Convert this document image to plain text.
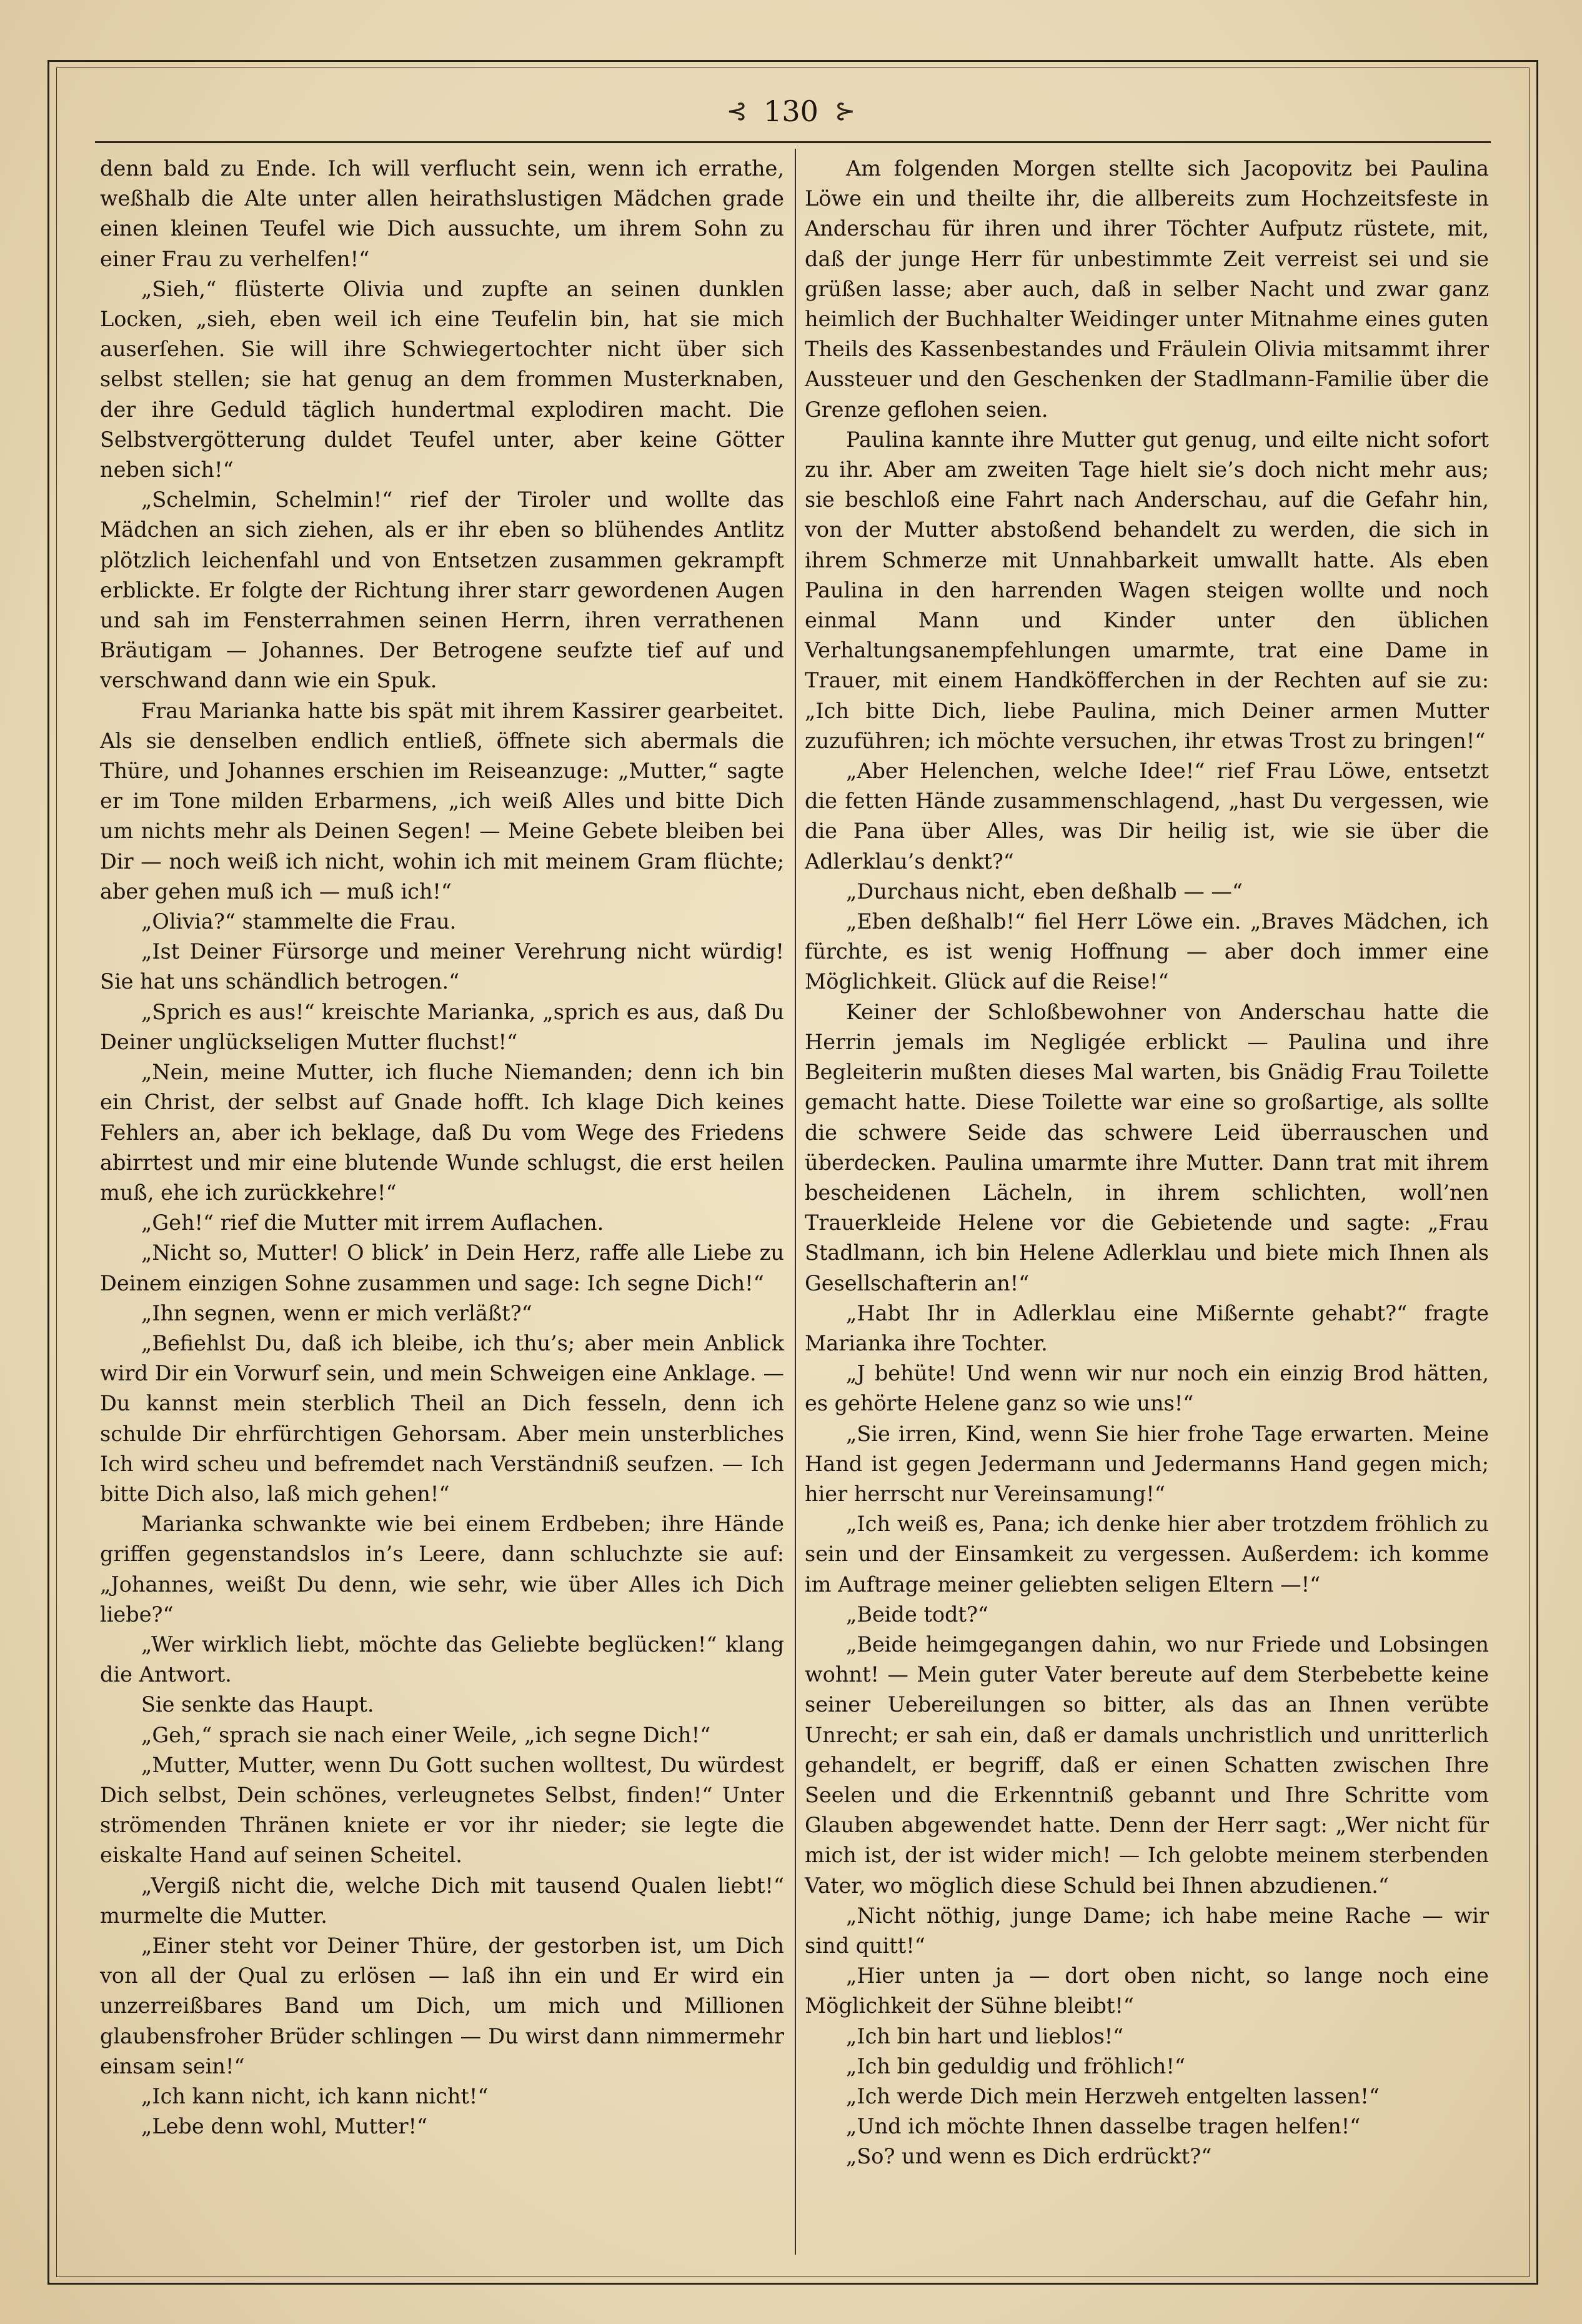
⊰ 130 ⊱

denn bald zu Ende. Ich will verflucht sein, wenn ich errathe, weßhalb die Alte unter allen heirathslustigen Mädchen grade einen kleinen Teufel wie Dich aussuchte, um ihrem Sohn zu einer Frau zu verhelfen!“

„Sieh,“ flüsterte Olivia und zupfte an seinen dunklen Locken, „sieh, eben weil ich eine Teufelin bin, hat sie mich auserſehen. Sie will ihre Schwiegertochter nicht über sich selbst stellen; sie hat genug an dem frommen Musterknaben, der ihre Geduld täglich hundertmal explodiren macht. Die Selbstvergötterung duldet Teufel unter, aber keine Götter neben sich!“

„Schelmin, Schelmin!“ rief der Tiroler und wollte das Mädchen an sich ziehen, als er ihr eben so blühendes Antlitz plötzlich leichenfahl und von Entsetzen zusammen gekrampft erblickte. Er folgte der Richtung ihrer starr gewordenen Augen und sah im Fensterrahmen seinen Herrn, ihren verrathenen Bräutigam — Johannes. Der Betrogene seufzte tief auf und verschwand dann wie ein Spuk.

Frau Marianka hatte bis spät mit ihrem Kassirer gearbeitet. Als sie denselben endlich entließ, öffnete sich abermals die Thüre, und Johannes erschien im Reiseanzuge: „Mutter,“ sagte er im Tone milden Erbarmens, „ich weiß Alles und bitte Dich um nichts mehr als Deinen Segen! — Meine Gebete bleiben bei Dir — noch weiß ich nicht, wohin ich mit meinem Gram flüchte; aber gehen muß ich — muß ich!“

„Olivia?“ stammelte die Frau.

„Ist Deiner Fürsorge und meiner Verehrung nicht würdig! Sie hat uns schändlich betrogen.“

„Sprich es aus!“ kreischte Marianka, „sprich es aus, daß Du Deiner unglückseligen Mutter fluchst!“

„Nein, meine Mutter, ich fluche Niemanden; denn ich bin ein Christ, der selbst auf Gnade hofft. Ich klage Dich keines Fehlers an, aber ich beklage, daß Du vom Wege des Friedens abirrtest und mir eine blutende Wunde schlugst, die erst heilen muß, ehe ich zurückkehre!“

„Geh!“ rief die Mutter mit irrem Auflachen.

„Nicht so, Mutter! O blick’ in Dein Herz, raffe alle Liebe zu Deinem einzigen Sohne zusammen und sage: Ich segne Dich!“

„Ihn segnen, wenn er mich verläßt?“

„Befiehlst Du, daß ich bleibe, ich thu’s; aber mein Anblick wird Dir ein Vorwurf sein, und mein Schweigen eine Anklage. — Du kannst mein sterblich Theil an Dich fesseln, denn ich schulde Dir ehrfürchtigen Gehorsam. Aber mein unsterbliches Ich wird scheu und befremdet nach Verständniß seufzen. — Ich bitte Dich also, laß mich gehen!“

Marianka schwankte wie bei einem Erdbeben; ihre Hände griffen gegenstandslos in’s Leere, dann schluchzte sie auf: „Johannes, weißt Du denn, wie sehr, wie über Alles ich Dich liebe?“

„Wer wirklich liebt, möchte das Geliebte beglücken!“ klang die Antwort.

Sie senkte das Haupt.

„Geh,“ sprach sie nach einer Weile, „ich segne Dich!“

„Mutter, Mutter, wenn Du Gott suchen wolltest, Du würdest Dich selbst, Dein schönes, verleugnetes Selbst, finden!“ Unter strömenden Thränen kniete er vor ihr nieder; sie legte die eiskalte Hand auf seinen Scheitel.

„Vergiß nicht die, welche Dich mit tausend Qualen liebt!“ murmelte die Mutter.

„Einer steht vor Deiner Thüre, der gestorben ist, um Dich von all der Qual zu erlösen — laß ihn ein und Er wird ein unzerreißbares Band um Dich, um mich und Millionen glaubensfroher Brüder schlingen — Du wirst dann nimmermehr einsam sein!“

„Ich kann nicht, ich kann nicht!“

„Lebe denn wohl, Mutter!“

Am folgenden Morgen stellte sich Jacopovitz bei Paulina Löwe ein und theilte ihr, die allbereits zum Hochzeitsfeste in Anderschau für ihren und ihrer Töchter Aufputz rüstete, mit, daß der junge Herr für unbestimmte Zeit verreist sei und sie grüßen lasse; aber auch, daß in selber Nacht und zwar ganz heimlich der Buchhalter Weidinger unter Mitnahme eines guten Theils des Kassenbestandes und Fräulein Olivia mitsammt ihrer Aussteuer und den Geschenken der Stadlmann-Familie über die Grenze geflohen seien.

Paulina kannte ihre Mutter gut genug, und eilte nicht sofort zu ihr. Aber am zweiten Tage hielt sie’s doch nicht mehr aus; sie beschloß eine Fahrt nach Anderschau, auf die Gefahr hin, von der Mutter abstoßend behandelt zu werden, die sich in ihrem Schmerze mit Unnahbarkeit umwallt hatte. Als eben Paulina in den harrenden Wagen steigen wollte und noch einmal Mann und Kinder unter den üblichen Verhaltungsanempfehlungen umarmte, trat eine Dame in Trauer, mit einem Handköfferchen in der Rechten auf sie zu: „Ich bitte Dich, liebe Paulina, mich Deiner armen Mutter zuzuführen; ich möchte versuchen, ihr etwas Trost zu bringen!“

„Aber Helenchen, welche Idee!“ rief Frau Löwe, entsetzt die fetten Hände zusammenschlagend, „hast Du vergessen, wie die Pana über Alles, was Dir heilig ist, wie sie über die Adlerklau’s denkt?“

„Durchaus nicht, eben deßhalb — —“

„Eben deßhalb!“ fiel Herr Löwe ein. „Braves Mädchen, ich fürchte, es ist wenig Hoffnung — aber doch immer eine Möglichkeit. Glück auf die Reise!“

Keiner der Schloßbewohner von Anderschau hatte die Herrin jemals im Negligée erblickt — Paulina und ihre Begleiterin mußten dieses Mal warten, bis Gnädig Frau Toilette gemacht hatte. Diese Toilette war eine so großartige, als sollte die schwere Seide das schwere Leid überrauschen und überdecken. Paulina umarmte ihre Mutter. Dann trat mit ihrem bescheidenen Lächeln, in ihrem schlichten, woll’nen Trauerkleide Helene vor die Gebietende und sagte: „Frau Stadlmann, ich bin Helene Adlerklau und biete mich Ihnen als Gesellschafterin an!“

„Habt Ihr in Adlerklau eine Mißernte gehabt?“ fragte Marianka ihre Tochter.

„J behüte! Und wenn wir nur noch ein einzig Brod hätten, es gehörte Helene ganz so wie uns!“

„Sie irren, Kind, wenn Sie hier frohe Tage erwarten. Meine Hand ist gegen Jedermann und Jedermanns Hand gegen mich; hier herrscht nur Vereinsamung!“

„Ich weiß es, Pana; ich denke hier aber trotzdem fröhlich zu sein und der Einsamkeit zu vergessen. Außerdem: ich komme im Auftrage meiner geliebten seligen Eltern —!“

„Beide todt?“

„Beide heimgegangen dahin, wo nur Friede und Lobsingen wohnt! — Mein guter Vater bereute auf dem Sterbebette keine seiner Uebereilungen so bitter, als das an Ihnen verübte Unrecht; er sah ein, daß er damals unchristlich und unritterlich gehandelt, er begriff, daß er einen Schatten zwischen Ihre Seelen und die Erkenntniß gebannt und Ihre Schritte vom Glauben abgewendet hatte. Denn der Herr sagt: „Wer nicht für mich ist, der ist wider mich! — Ich gelobte meinem sterbenden Vater, wo möglich diese Schuld bei Ihnen abzudienen.“

„Nicht nöthig, junge Dame; ich habe meine Rache — wir sind quitt!“

„Hier unten ja — dort oben nicht, so lange noch eine Möglichkeit der Sühne bleibt!“

„Ich bin hart und lieblos!“

„Ich bin geduldig und fröhlich!“

„Ich werde Dich mein Herzweh entgelten lassen!“

„Und ich möchte Ihnen dasselbe tragen helfen!“

„So? und wenn es Dich erdrückt?“
